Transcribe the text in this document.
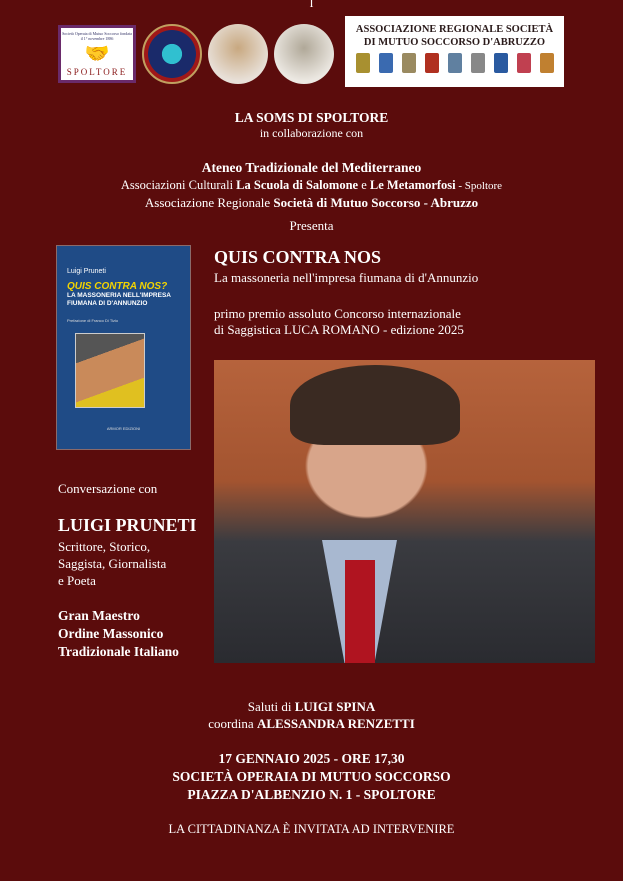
I
Società Operaia di Mutuo Soccorso fondata il 1° novembre 1886
🤝
SPOLTORE
ASSOCIAZIONE REGIONALE SOCIETÀ
DI MUTUO SOCCORSO D'ABRUZZO
LA SOMS DI SPOLTORE
in collaborazione con
Ateneo Tradizionale del Mediterraneo
Associazioni Culturali La Scuola di Salomone e Le Metamorfosi - Spoltore
Associazione Regionale Società di Mutuo Soccorso - Abruzzo
Presenta
Luigi Pruneti
QUIS CONTRA NOS?
LA MASSONERIA NELL'IMPRESA FIUMANA DI D'ANNUNZIO
Prefazione di Franco Di Tizio
ARMOR EDIZIONI
QUIS CONTRA NOS
La massoneria nell'impresa fiumana di d'Annunzio
primo premio assoluto Concorso internazionale
di Saggistica LUCA ROMANO - edizione 2025
Conversazione con
LUIGI PRUNETI
Scrittore, Storico,
Saggista, Giornalista
e Poeta
Gran Maestro
Ordine Massonico
Tradizionale Italiano
Saluti di LUIGI SPINA
coordina ALESSANDRA RENZETTI
17 GENNAIO 2025 - ORE 17,30
SOCIETÀ OPERAIA DI MUTUO SOCCORSO
PIAZZA D'ALBENZIO N. 1 - SPOLTORE
LA CITTADINANZA È INVITATA AD INTERVENIRE
